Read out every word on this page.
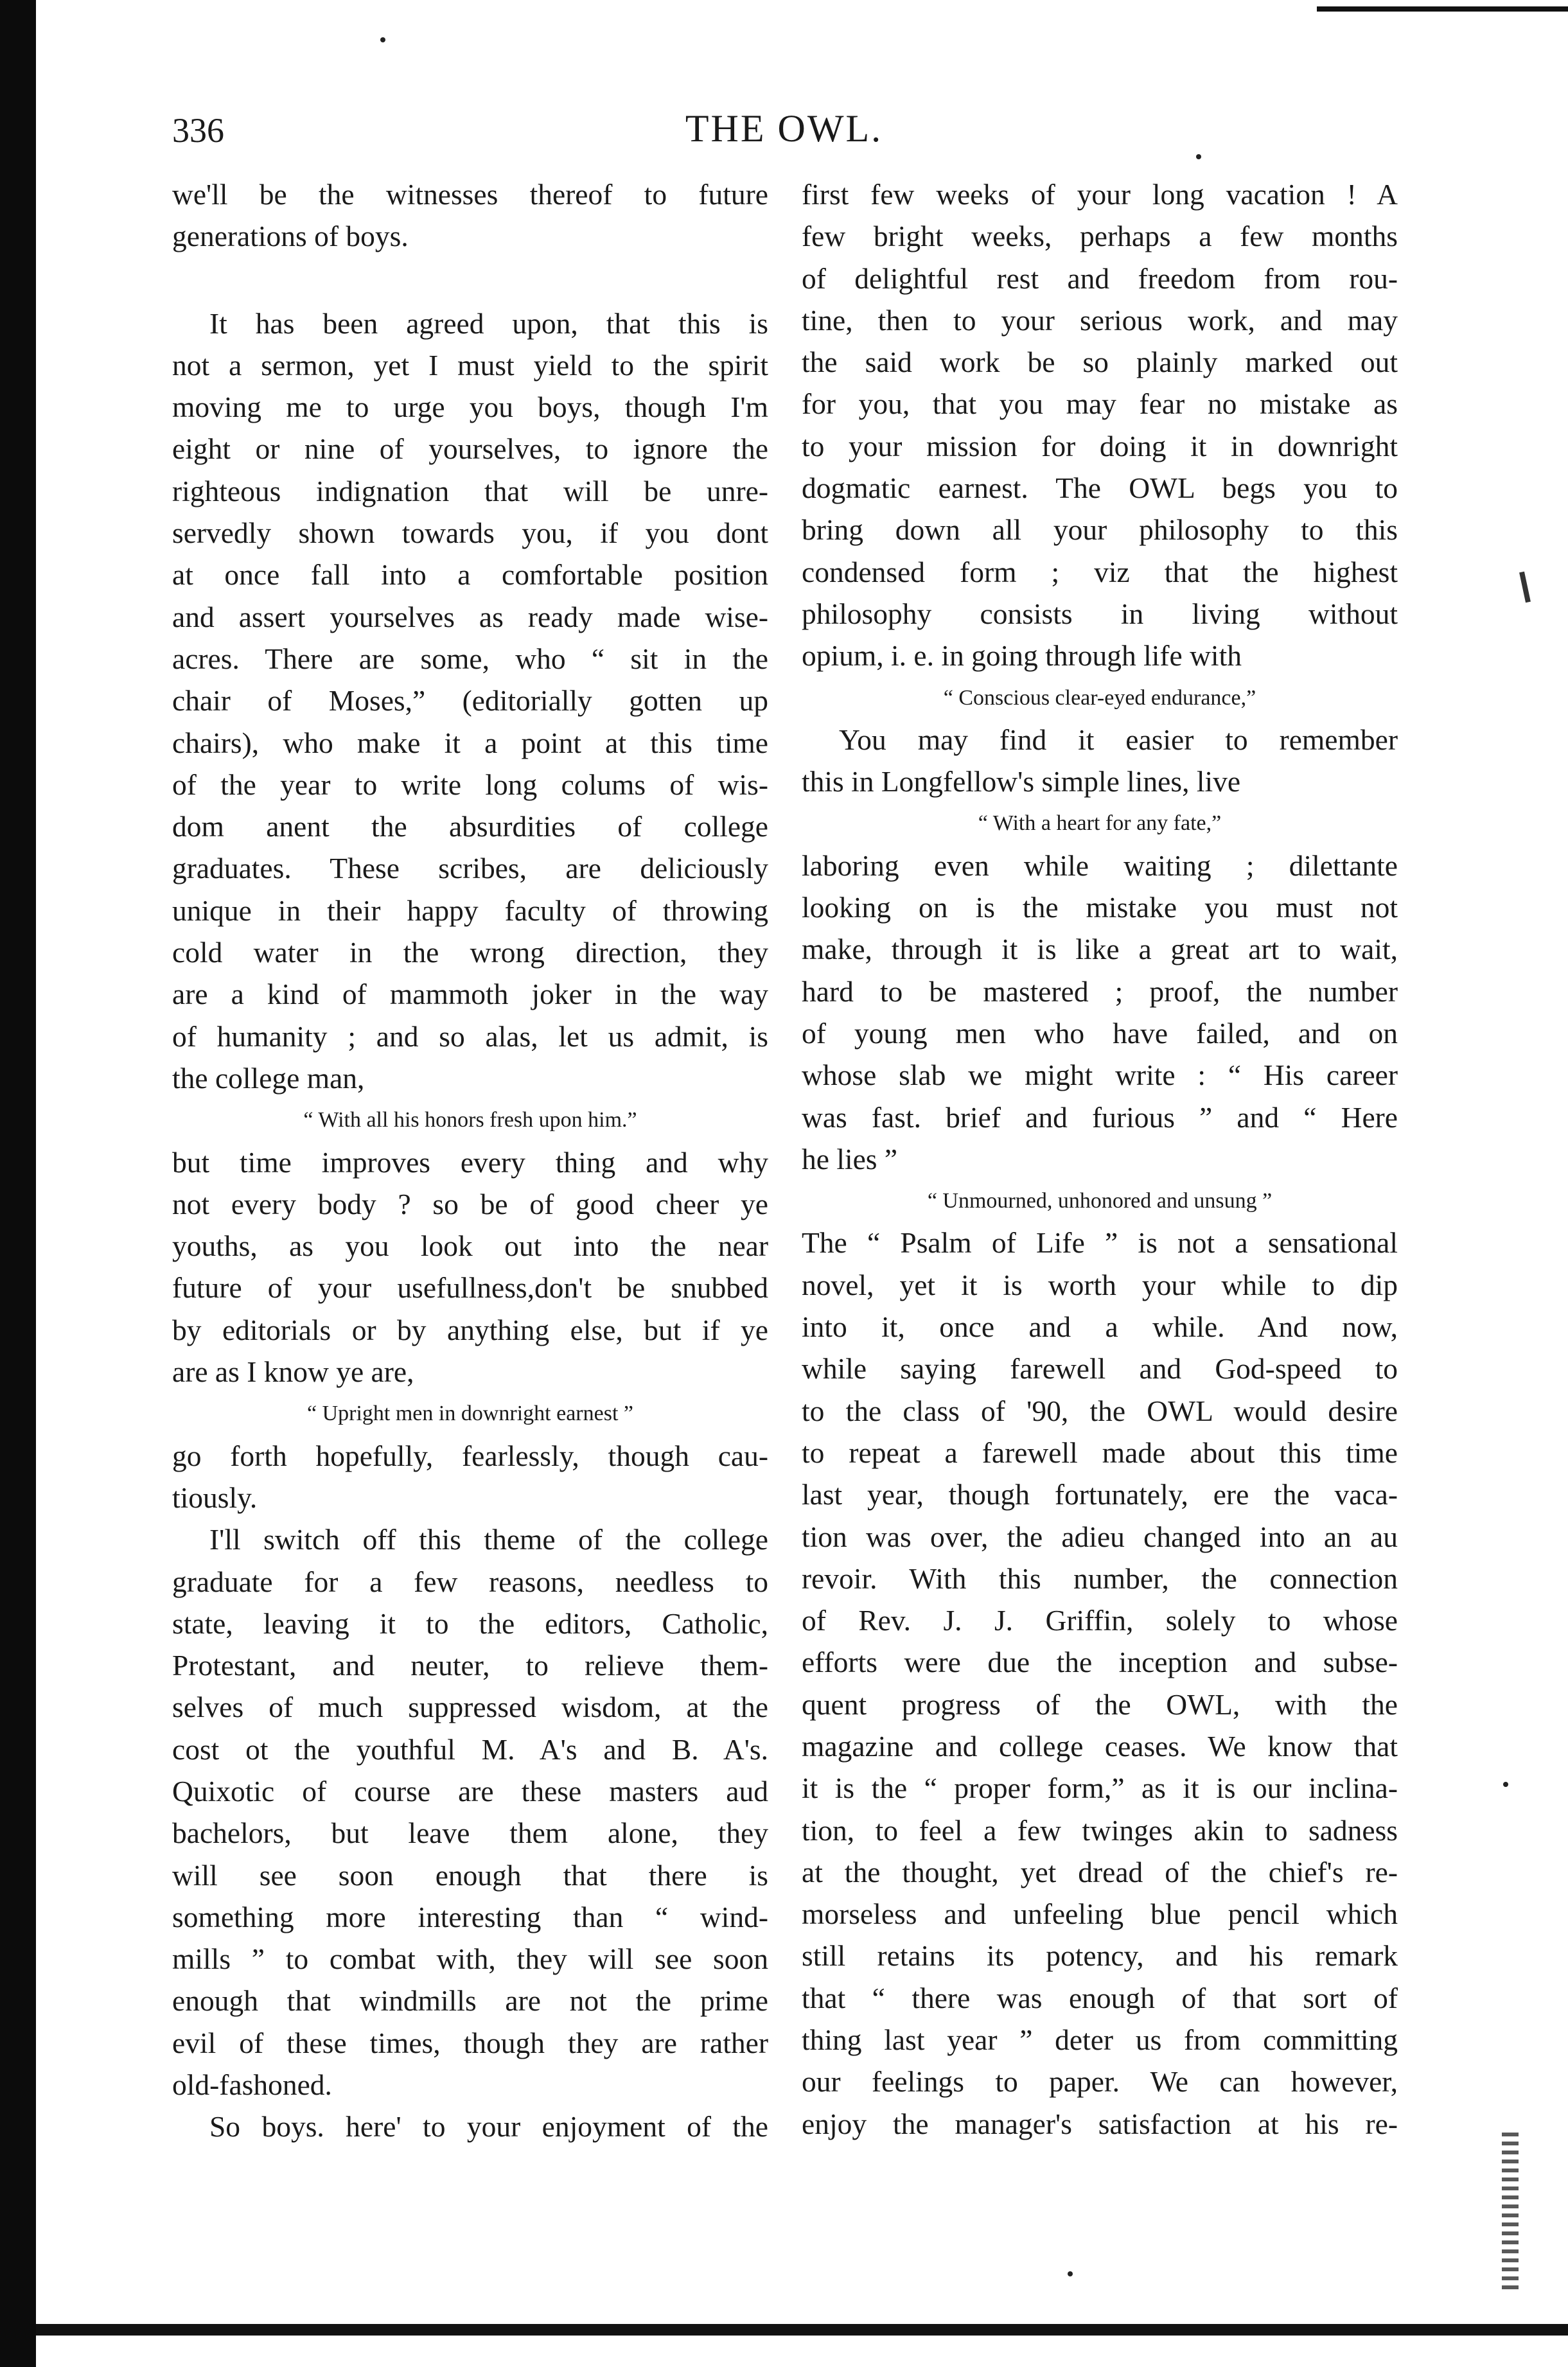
336	THE OWL.
we'll be the witnesses thereof to future
generations of boys.
It has been agreed upon, that this is
not a sermon, yet I must yield to the spirit
moving me to urge you boys, though I'm
eight or nine of yourselves, to ignore the
righteous indignation that will be unre-
servedly shown towards you, if you dont
at once fall into a comfortable position
and assert yourselves as ready made wise-
acres. There are some, who “ sit in the
chair of Moses,” (editorially gotten up
chairs), who make it a point at this time
of the year to write long colums of wis-
dom anent the absurdities of college
graduates. These scribes, are deliciously
unique in their happy faculty of throwing
cold water in the wrong direction, they
are a kind of mammoth joker in the way
of humanity ; and so alas, let us admit, is
the college man,
“ With all his honors fresh upon him.”
but time improves every thing and why
not every body ? so be of good cheer ye
youths, as you look out into the near
future of your usefullness,don't be snubbed
by editorials or by anything else, but if ye
are as I know ye are,
“ Upright men in downright earnest ”
go forth hopefully, fearlessly, though cau-
tiously.
I'll switch off this theme of the college
graduate for a few reasons, needless to
state, leaving it to the editors, Catholic,
Protestant, and neuter, to relieve them-
selves of much suppressed wisdom, at the
cost ot the youthful M. A's and B. A's.
Quixotic of course are these masters aud
bachelors, but leave them alone, they
will see soon enough that there is
something more interesting than “ wind-
mills ” to combat with, they will see soon
enough that windmills are not the prime
evil of these times, though they are rather
old-fashoned.
So boys. here' to your enjoyment of the
first few weeks of your long vacation ! A
few bright weeks, perhaps a few months
of delightful rest and freedom from rou-
tine, then to your serious work, and may
the said work be so plainly marked out
for you, that you may fear no mistake as
to your mission for doing it in downright
dogmatic earnest. The OWL begs you to
bring down all your philosophy to this
condensed form ; viz that the highest
philosophy consists in living without
opium, i. e. in going through life with
“ Conscious clear-eyed endurance,”
You may find it easier to remember
this in Longfellow's simple lines, live
“ With a heart for any fate,”
laboring even while waiting ; dilettante
looking on is the mistake you must not
make, through it is like a great art to wait,
hard to be mastered ; proof, the number
of young men who have failed, and on
whose slab we might write : “ His career
was fast. brief and furious ” and “ Here
he lies ”
“ Unmourned, unhonored and unsung ”
The “ Psalm of Life ” is not a sensational
novel, yet it is worth your while to dip
into it, once and a while. And now,
while saying farewell and God-speed to
to the class of '90, the OWL would desire
to repeat a farewell made about this time
last year, though fortunately, ere the vaca-
tion was over, the adieu changed into an au
revoir. With this number, the connection
of Rev. J. J. Griffin, solely to whose
efforts were due the inception and subse-
quent progress of the OWL, with the
magazine and college ceases. We know that
it is the “ proper form,” as it is our inclina-
tion, to feel a few twinges akin to sadness
at the thought, yet dread of the chief's re-
morseless and unfeeling blue pencil which
still retains its potency, and his remark
that “ there was enough of that sort of
thing last year ” deter us from committing
our feelings to paper. We can however,
enjoy the manager's satisfaction at his re-
